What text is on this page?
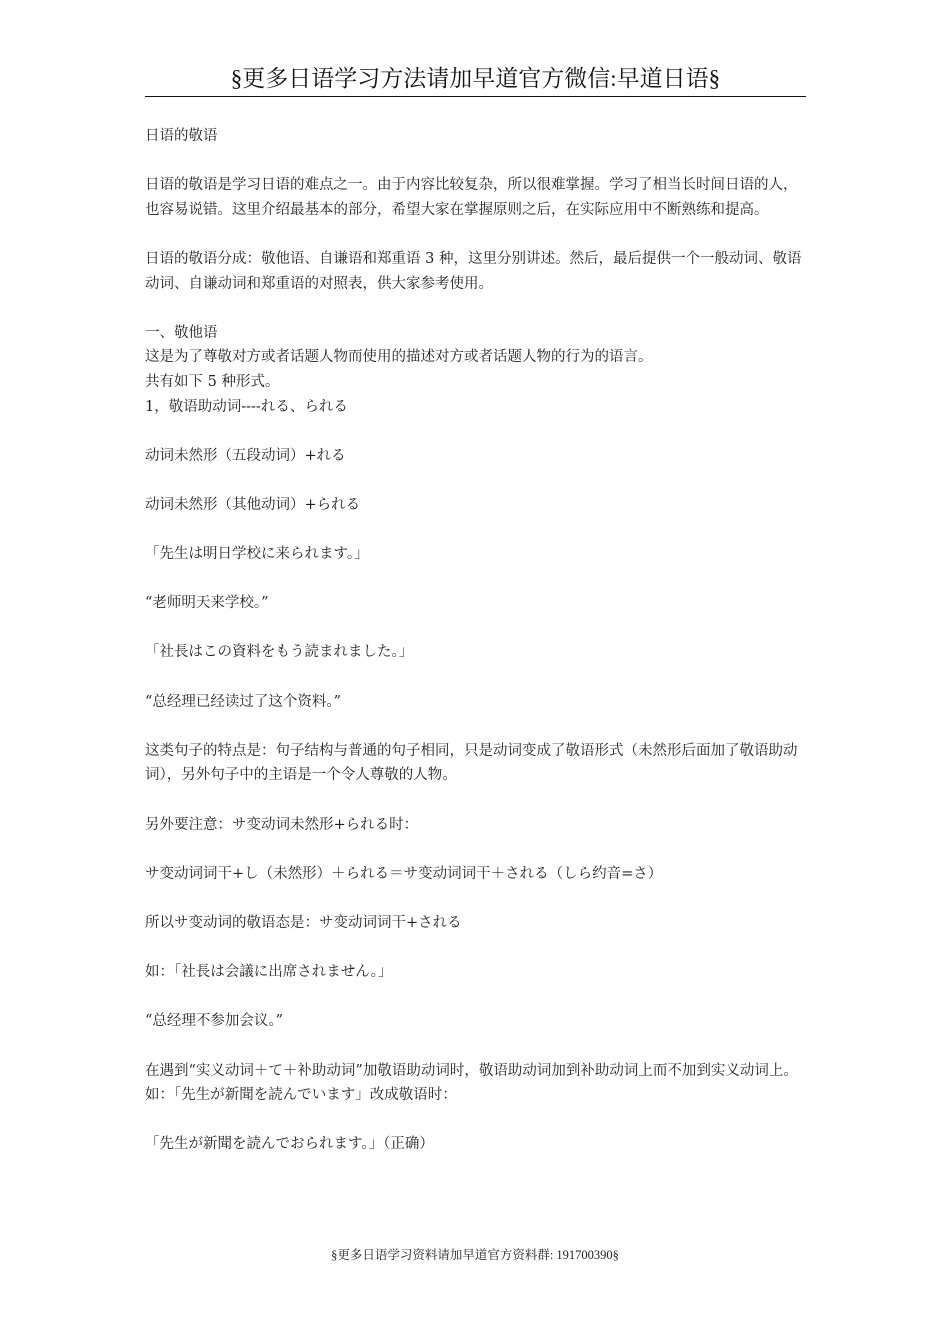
§更多日语学习方法请加早道官方微信:早道日语§

日语的敬语

日语的敬语是学习日语的难点之一。由于内容比较复杂，所以很难掌握。学习了相当长时间日语的人，也容易说错。这里介绍最基本的部分，希望大家在掌握原则之后，在实际应用中不断熟练和提高。

日语的敬语分成：敬他语、自谦语和郑重语 3 种，这里分别讲述。然后，最后提供一个一般动词、敬语动词、自谦动词和郑重语的对照表，供大家参考使用。

一、敬他语

这是为了尊敬对方或者话题人物而使用的描述对方或者话题人物的行为的语言。

共有如下 5 种形式。

1，敬语助动词----れる、られる

动词未然形（五段动词）+れる

动词未然形（其他动词）+られる

「先生は明日学校に来られます。」

“老师明天来学校。”

「社長はこの資料をもう読まれました。」

“总经理已经读过了这个资料。”

这类句子的特点是：句子结构与普通的句子相同，只是动词变成了敬语形式（未然形后面加了敬语助动词），另外句子中的主语是一个令人尊敬的人物。

另外要注意：サ变动词未然形+られる时：

サ变动词词干+し（未然形）＋られる＝サ变动词词干＋される（しら约音=さ）

所以サ变动词的敬语态是：サ变动词词干+される

如：「社長は会議に出席されません。」

“总经理不参加会议。”

在遇到“实义动词＋て＋补助动词”加敬语助动词时，敬语助动词加到补助动词上而不加到实义动词上。如：「先生が新聞を読んでいます」改成敬语时：

「先生が新聞を読んでおられます。」（正确）

§更多日语学习资料请加早道官方资料群: 191700390§
